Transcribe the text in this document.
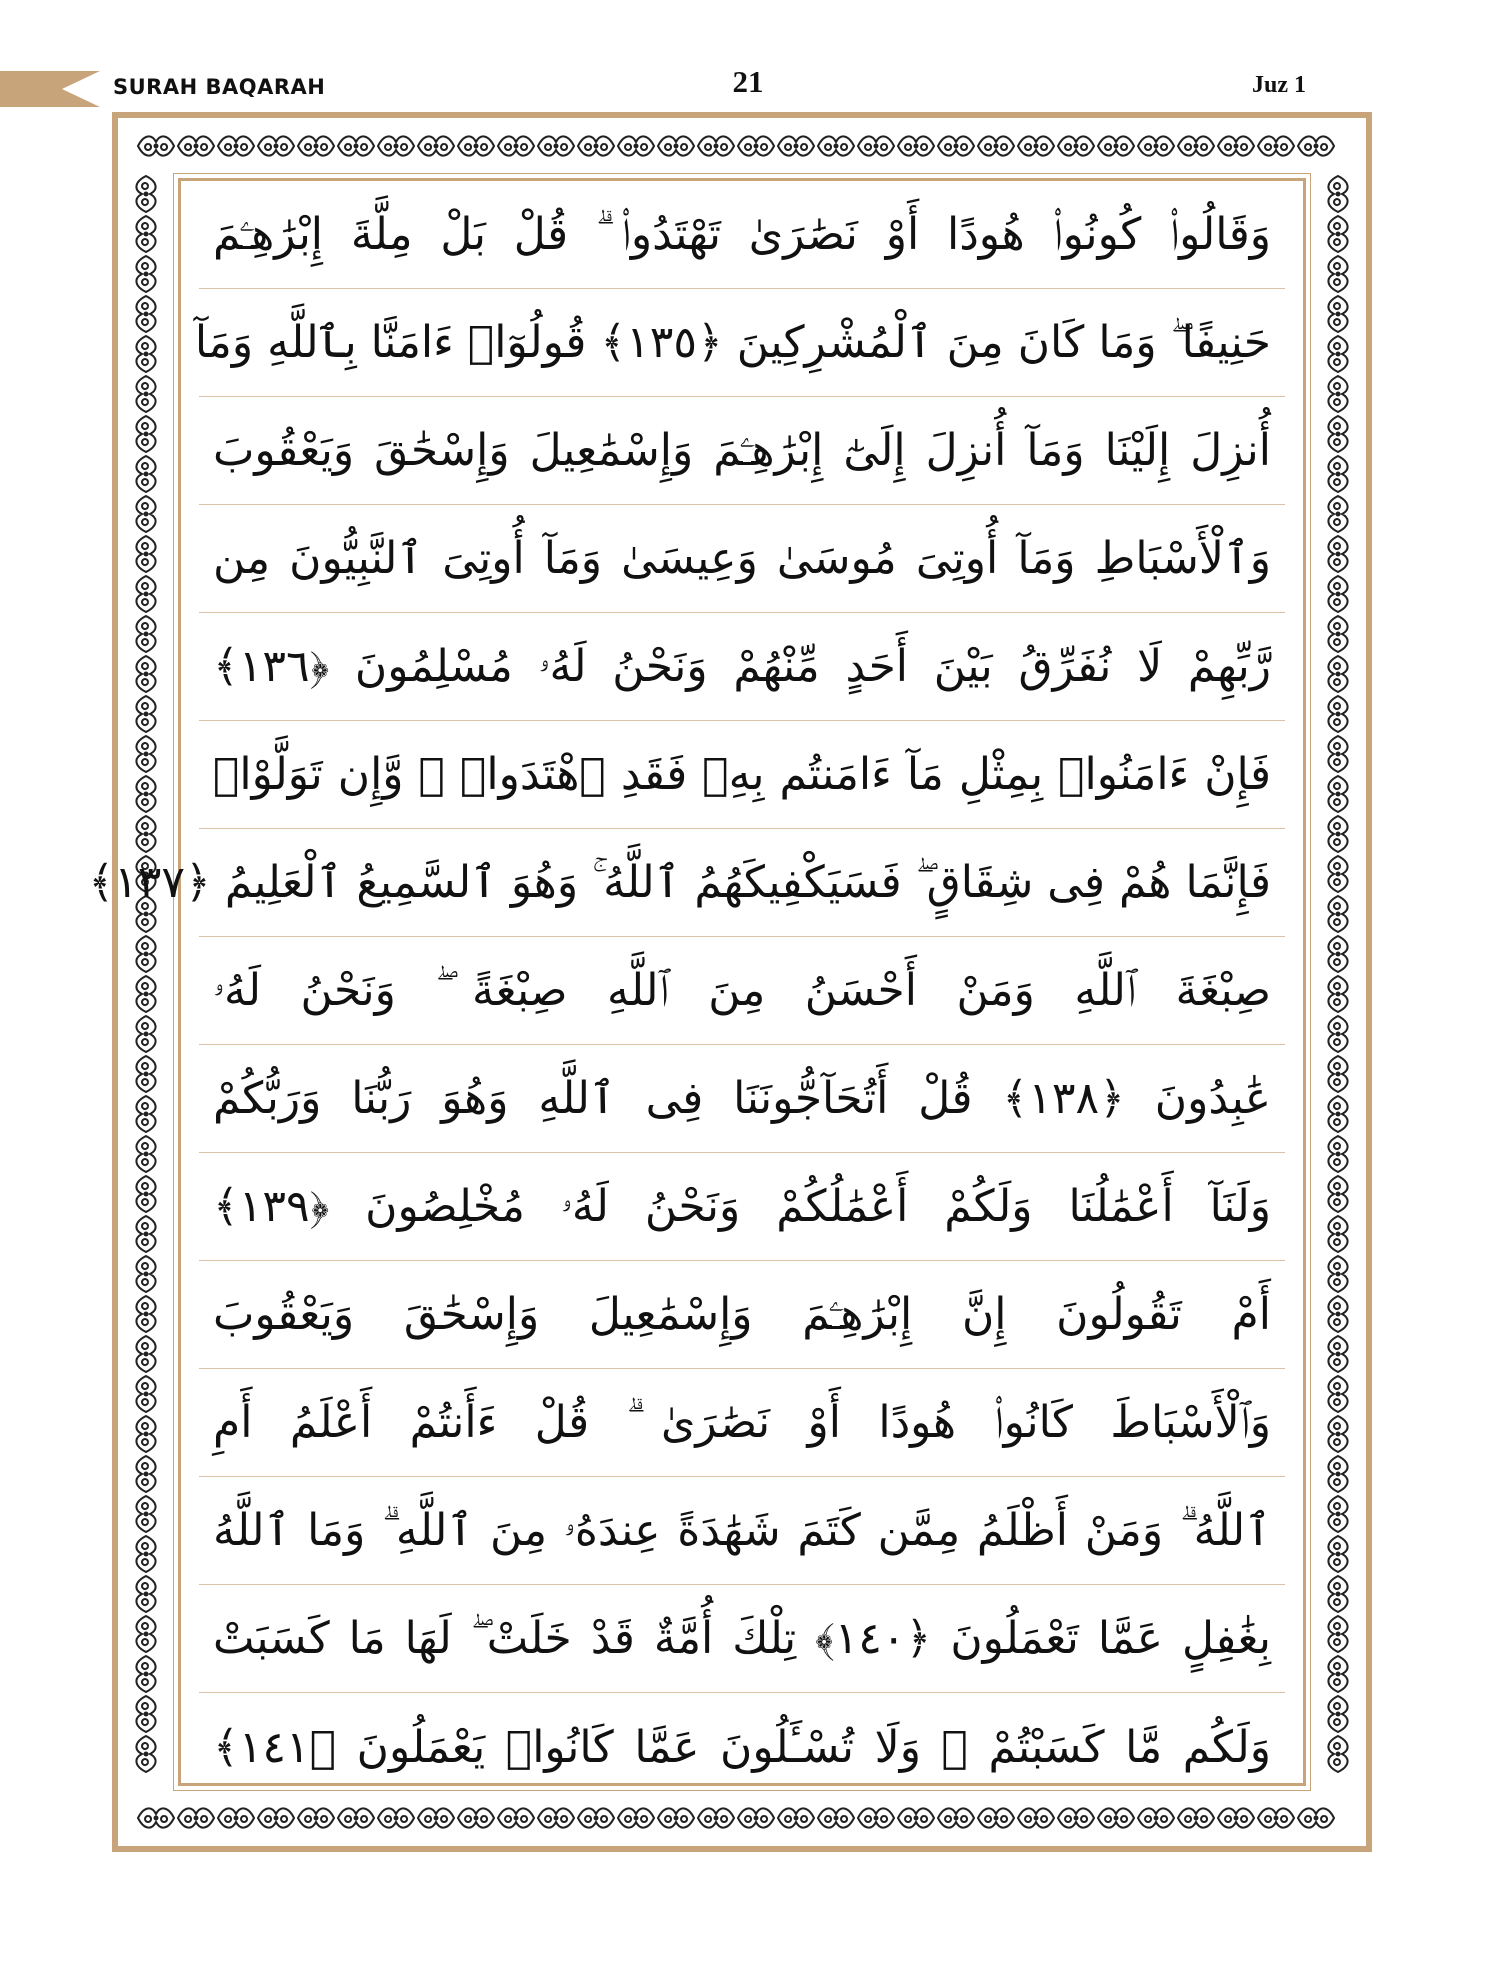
SURAH BAQARAH	21	Juz 1
وَقَالُوا۟ كُونُوا۟ هُودًا أَوْ نَصَٰرَىٰ تَهْتَدُوا۟ ۗ قُلْ بَلْ مِلَّةَ إِبْرَٰهِـۧمَ
حَنِيفًا ۖ وَمَا كَانَ مِنَ ٱلْمُشْرِكِينَ ﴿١٣٥﴾ قُولُوٓا۟ ءَامَنَّا بِٱللَّهِ وَمَآ
أُنزِلَ إِلَيْنَا وَمَآ أُنزِلَ إِلَىٰٓ إِبْرَٰهِـۧمَ وَإِسْمَٰعِيلَ وَإِسْحَٰقَ وَيَعْقُوبَ
وَٱلْأَسْبَاطِ وَمَآ أُوتِىَ مُوسَىٰ وَعِيسَىٰ وَمَآ أُوتِىَ ٱلنَّبِيُّونَ مِن
رَّبِّهِمْ لَا نُفَرِّقُ بَيْنَ أَحَدٍ مِّنْهُمْ وَنَحْنُ لَهُۥ مُسْلِمُونَ ﴿١٣٦﴾
فَإِنْ ءَامَنُوا۟ بِمِثْلِ مَآ ءَامَنتُم بِهِۦ فَقَدِ ٱهْتَدَوا۟ ۖ وَّإِن تَوَلَّوْا۟
فَإِنَّمَا هُمْ فِى شِقَاقٍ ۖ فَسَيَكْفِيكَهُمُ ٱللَّهُ ۚ وَهُوَ ٱلسَّمِيعُ ٱلْعَلِيمُ ﴿١٣٧﴾
صِبْغَةَ ٱللَّهِ وَمَنْ أَحْسَنُ مِنَ ٱللَّهِ صِبْغَةً ۖ وَنَحْنُ لَهُۥ
عَٰبِدُونَ ﴿١٣٨﴾ قُلْ أَتُحَآجُّونَنَا فِى ٱللَّهِ وَهُوَ رَبُّنَا وَرَبُّكُمْ
وَلَنَآ أَعْمَٰلُنَا وَلَكُمْ أَعْمَٰلُكُمْ وَنَحْنُ لَهُۥ مُخْلِصُونَ ﴿١٣٩﴾
أَمْ تَقُولُونَ إِنَّ إِبْرَٰهِـۧمَ وَإِسْمَٰعِيلَ وَإِسْحَٰقَ وَيَعْقُوبَ
وَٱلْأَسْبَاطَ كَانُوا۟ هُودًا أَوْ نَصَٰرَىٰ ۗ قُلْ ءَأَنتُمْ أَعْلَمُ أَمِ
ٱللَّهُ ۗ وَمَنْ أَظْلَمُ مِمَّن كَتَمَ شَهَٰدَةً عِندَهُۥ مِنَ ٱللَّهِ ۗ وَمَا ٱللَّهُ
بِغَٰفِلٍ عَمَّا تَعْمَلُونَ ﴿١٤٠﴾ تِلْكَ أُمَّةٌ قَدْ خَلَتْ ۖ لَهَا مَا كَسَبَتْ
وَلَكُم مَّا كَسَبْتُمْ ۖ وَلَا تُسْـَٔلُونَ عَمَّا كَانُوا۟ يَعْمَلُونَ ﴿١٤١﴾
